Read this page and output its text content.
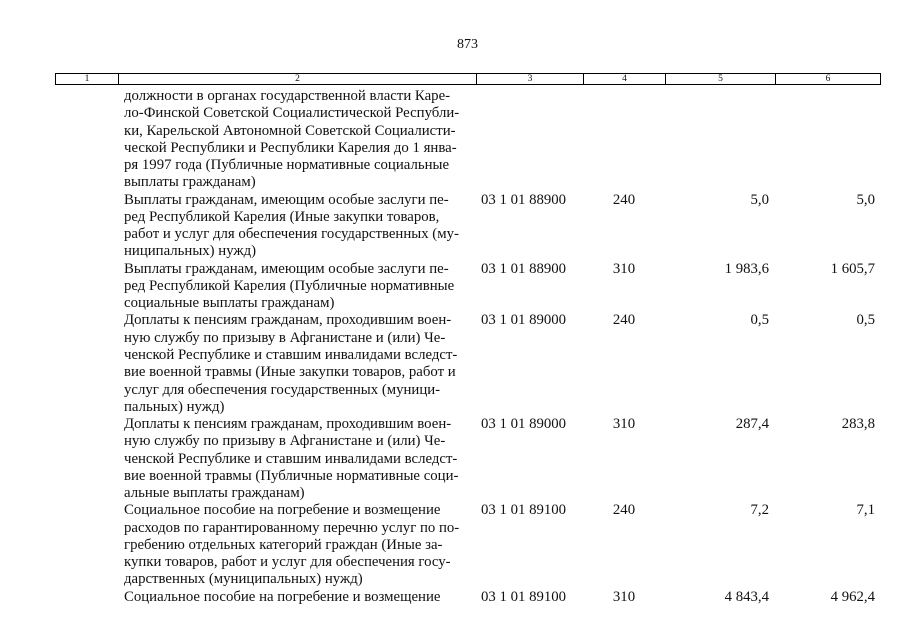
873
1	2	3	4	5	6
должности в органах государственной власти Каре-
ло-Финской Советской Социалистической Республи-
ки, Карельской Автономной Советской Социалисти-
ческой Республики и Республики Карелия до 1 янва-
ря 1997 года (Публичные нормативные социальные
выплаты гражданам)
Выплаты гражданам, имеющим особые заслуги пе-
ред Республикой Карелия (Иные закупки товаров,
работ и услуг для обеспечения государственных (му-
ниципальных) нужд)
03 1 01 88900	240	5,0	5,0
Выплаты гражданам, имеющим особые заслуги пе-
ред Республикой Карелия (Публичные нормативные
социальные выплаты гражданам)
03 1 01 88900	310	1 983,6	1 605,7
Доплаты к пенсиям гражданам, проходившим воен-
ную службу по призыву в Афганистане и (или) Че-
ченской Республике и ставшим инвалидами вследст-
вие военной травмы (Иные закупки товаров, работ и
услуг для обеспечения государственных (муници-
пальных) нужд)
03 1 01 89000	240	0,5	0,5
Доплаты к пенсиям гражданам, проходившим воен-
ную службу по призыву в Афганистане и (или) Че-
ченской Республике и ставшим инвалидами вследст-
вие военной травмы (Публичные нормативные соци-
альные выплаты гражданам)
03 1 01 89000	310	287,4	283,8
Социальное пособие на погребение и возмещение
расходов по гарантированному перечню услуг по по-
гребению отдельных категорий граждан (Иные за-
купки товаров, работ и услуг для обеспечения госу-
дарственных (муниципальных) нужд)
03 1 01 89100	240	7,2	7,1
Социальное пособие на погребение и возмещение	03 1 01 89100	310	4 843,4	4 962,4
